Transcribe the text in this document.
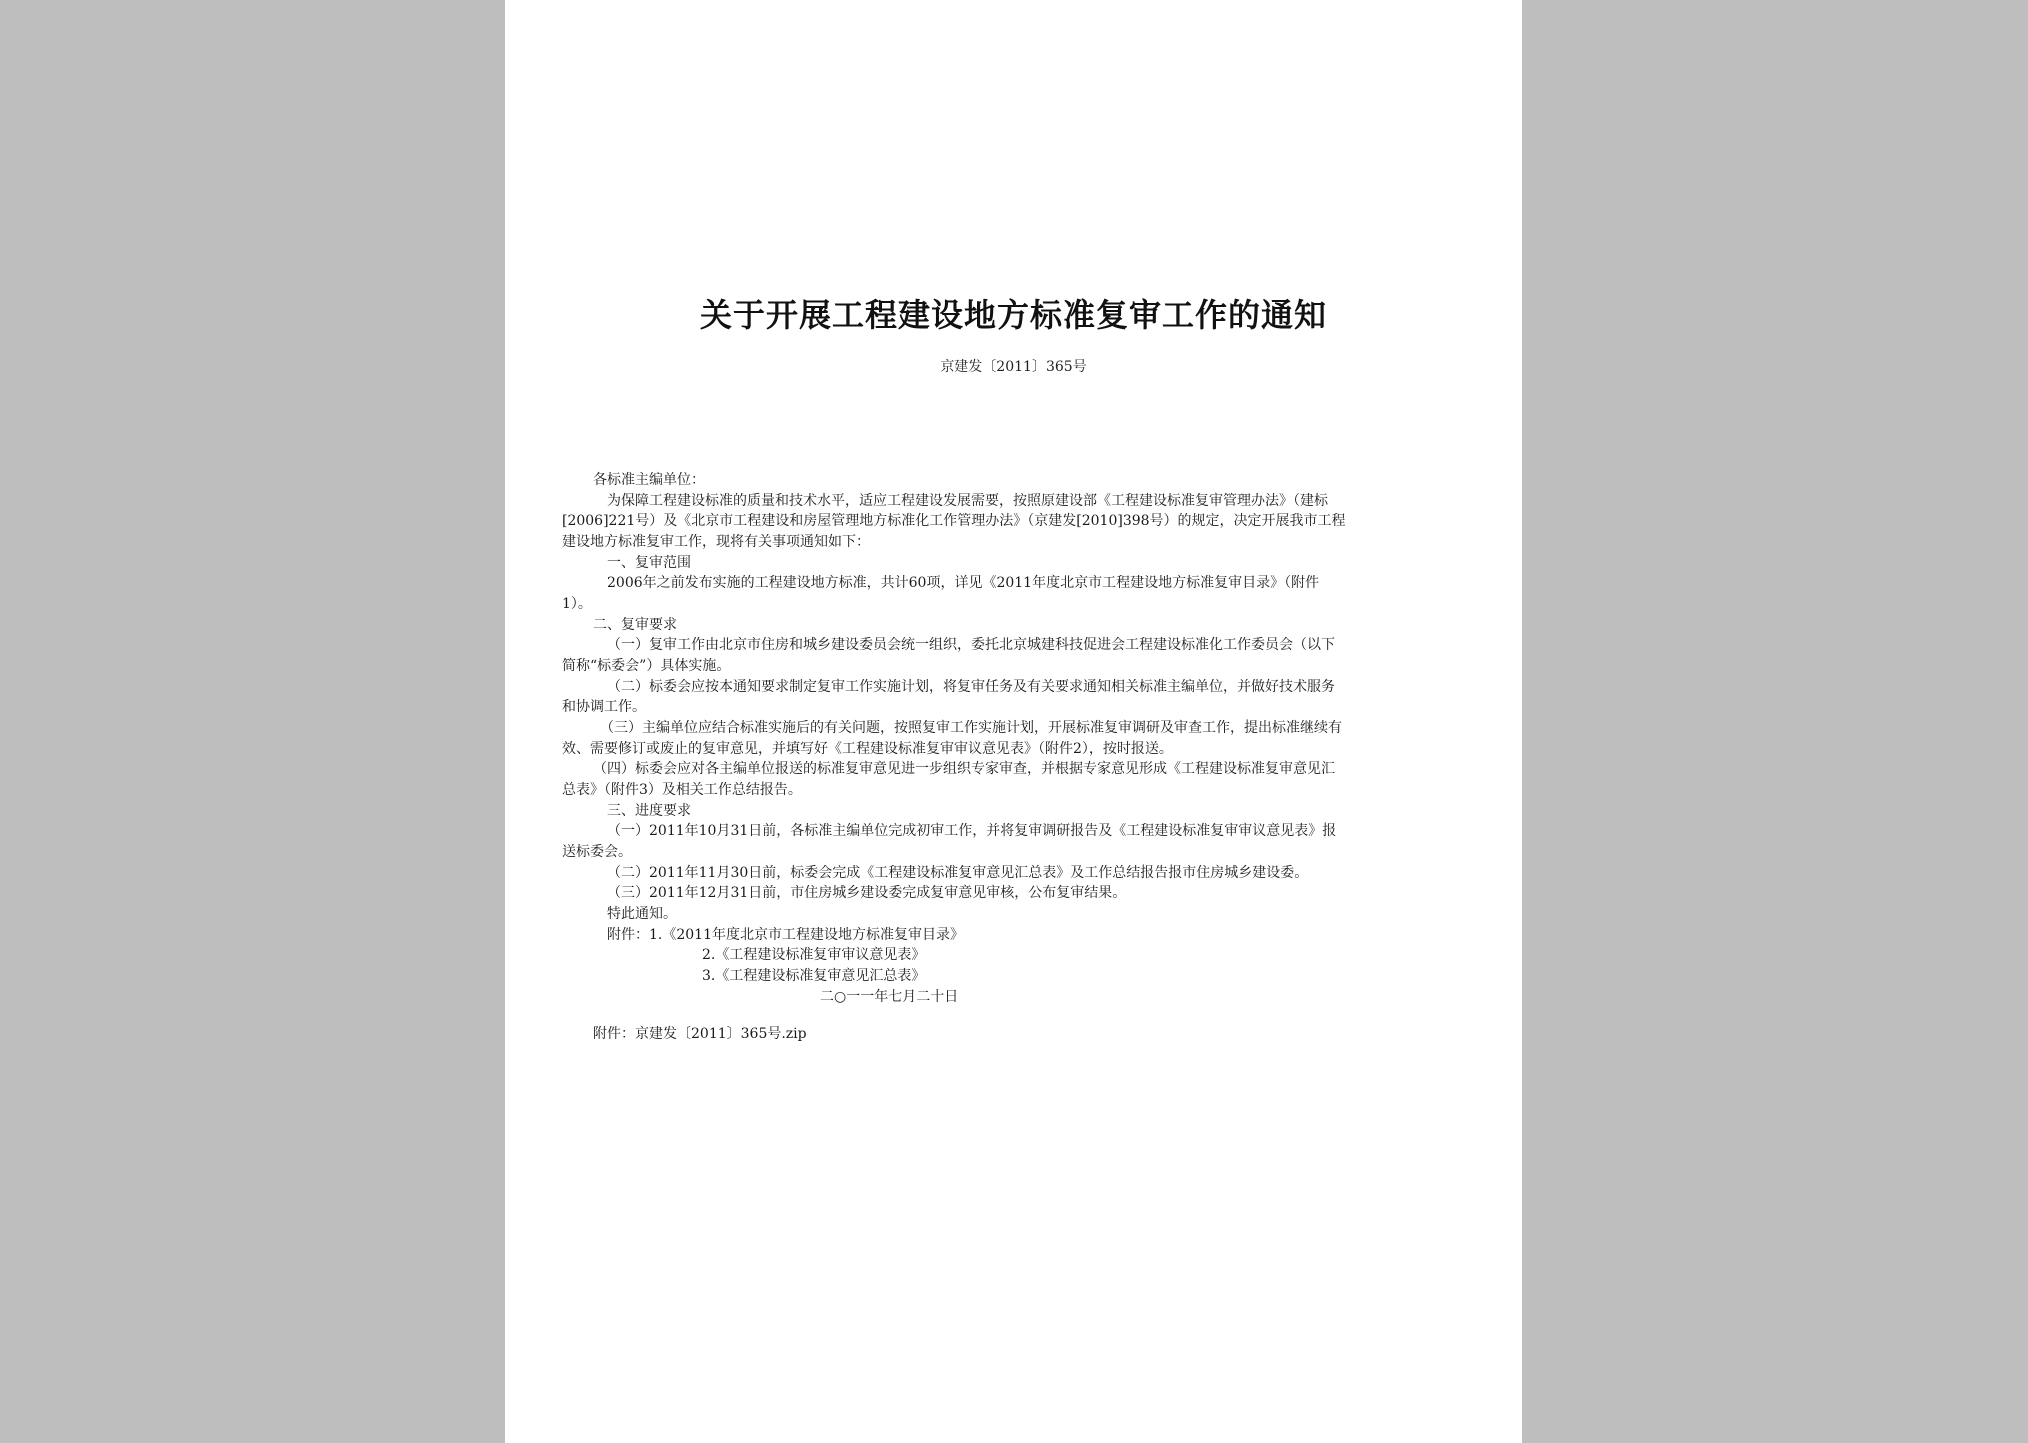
关于开展工程建设地方标准复审工作的通知
京建发〔2011〕365号
各标准主编单位：
为保障工程建设标准的质量和技术水平，适应工程建设发展需要，按照原建设部《工程建设标准复审管理办法》（建标
[2006]221号）及《北京市工程建设和房屋管理地方标准化工作管理办法》（京建发[2010]398号）的规定，决定开展我市工程
建设地方标准复审工作，现将有关事项通知如下：
一、复审范围
2006年之前发布实施的工程建设地方标准，共计60项，详见《2011年度北京市工程建设地方标准复审目录》（附件
1）。
二、复审要求
（一）复审工作由北京市住房和城乡建设委员会统一组织，委托北京城建科技促进会工程建设标准化工作委员会（以下
简称“标委会”）具体实施。
（二）标委会应按本通知要求制定复审工作实施计划，将复审任务及有关要求通知相关标准主编单位，并做好技术服务
和协调工作。
（三）主编单位应结合标准实施后的有关问题，按照复审工作实施计划，开展标准复审调研及审查工作，提出标准继续有
效、需要修订或废止的复审意见，并填写好《工程建设标准复审审议意见表》（附件2），按时报送。
（四）标委会应对各主编单位报送的标准复审意见进一步组织专家审查，并根据专家意见形成《工程建设标准复审意见汇
总表》（附件3）及相关工作总结报告。
三、进度要求
（一）2011年10月31日前，各标准主编单位完成初审工作，并将复审调研报告及《工程建设标准复审审议意见表》报
送标委会。
（二）2011年11月30日前，标委会完成《工程建设标准复审意见汇总表》及工作总结报告报市住房城乡建设委。
（三）2011年12月31日前，市住房城乡建设委完成复审意见审核，公布复审结果。
特此通知。
附件：1.《2011年度北京市工程建设地方标准复审目录》
2.《工程建设标准复审审议意见表》
3.《工程建设标准复审意见汇总表》
二○一一年七月二十日
附件：京建发〔2011〕365号.zip
